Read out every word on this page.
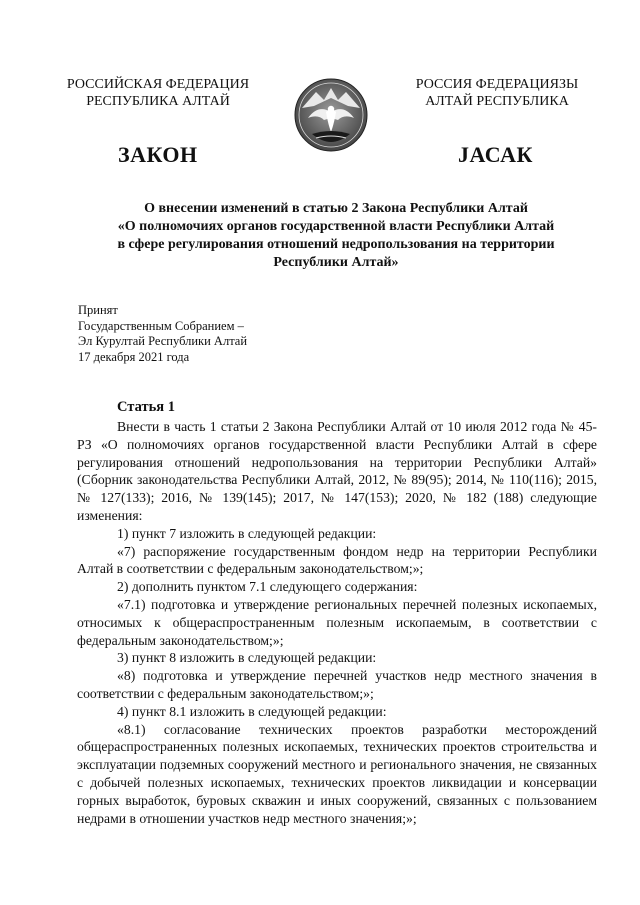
РОССИЙСКАЯ ФЕДЕРАЦИЯ
РЕСПУБЛИКА АЛТАЙ
РОССИЯ ФЕДЕРАЦИЯЗЫ
АЛТАЙ РЕСПУБЛИКА
ЗАКОН	ЈАСАК
О внесении изменений в статью 2 Закона Республики Алтай
«О полномочиях органов государственной власти Республики Алтай
в сфере регулирования отношений недропользования на территории
Республики Алтай»
Принят
Государственным Собранием –
Эл Курултай Республики Алтай
17 декабря 2021 года
Статья 1

Внести в часть 1 статьи 2 Закона Республики Алтай от 10 июля 2012 года № 45-РЗ «О полномочиях органов государственной власти Республики Алтай в сфере регулирования отношений недропользования на территории Республики Алтай» (Сборник законодательства Республики Алтай, 2012, № 89(95); 2014, № 110(116); 2015, № 127(133); 2016, № 139(145); 2017, № 147(153); 2020, № 182 (188) следующие изменения:

1) пункт 7 изложить в следующей редакции:

«7) распоряжение государственным фондом недр на территории Республики Алтай в соответствии с федеральным законодательством;»;

2) дополнить пунктом 7.1 следующего содержания:

«7.1) подготовка и утверждение региональных перечней полезных ископаемых, относимых к общераспространенным полезным ископаемым, в соответствии с федеральным законодательством;»;

3) пункт 8 изложить в следующей редакции:

«8) подготовка и утверждение перечней участков недр местного значения в соответствии с федеральным законодательством;»;

4) пункт 8.1 изложить в следующей редакции:

«8.1) согласование технических проектов разработки месторождений общераспространенных полезных ископаемых, технических проектов строительства и эксплуатации подземных сооружений местного и регионального значения, не связанных с добычей полезных ископаемых, технических проектов ликвидации и консервации горных выработок, буровых скважин и иных сооружений, связанных с пользованием недрами в отношении участков недр местного значения;»;
